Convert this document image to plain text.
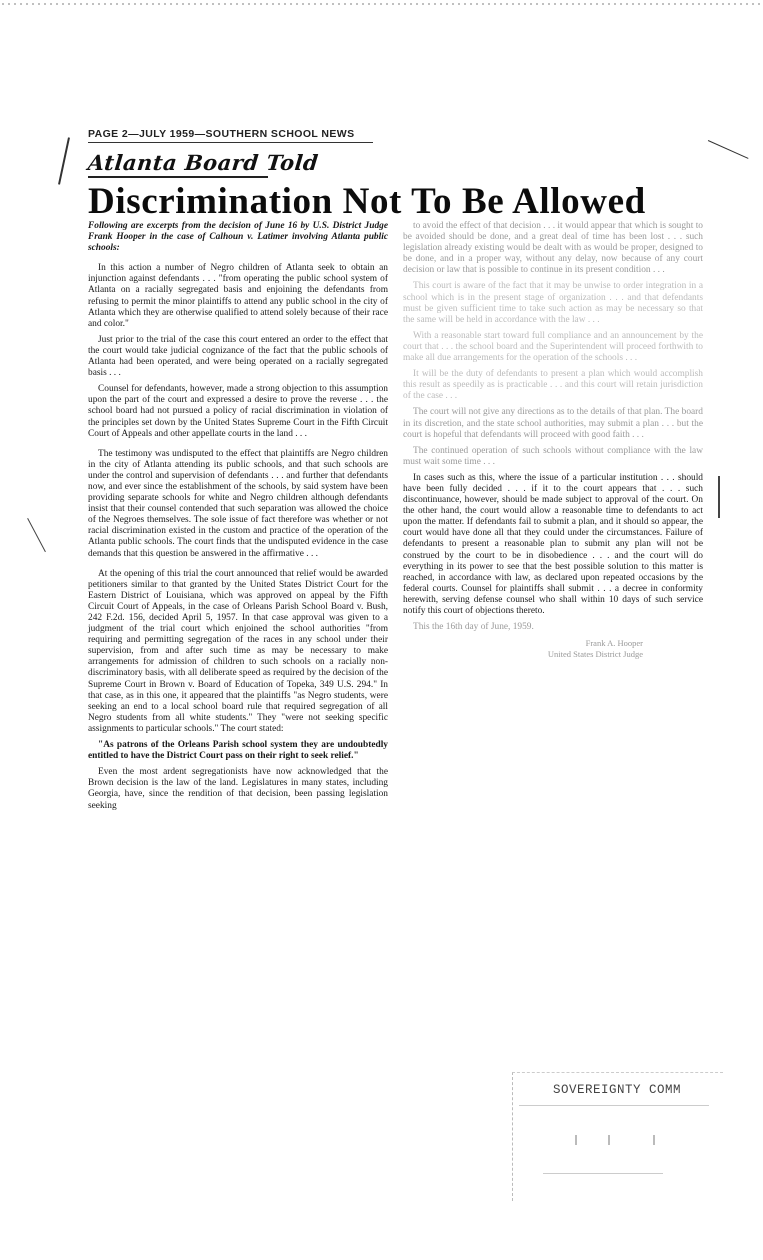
PAGE 2—JULY 1959—SOUTHERN SCHOOL NEWS
Atlanta Board Told
Discrimination Not To Be Allowed

Following are excerpts from the decision of June 16 by U.S. District Judge Frank Hooper in the case of Calhoun v. Latimer involving Atlanta public schools:

In this action a number of Negro children of Atlanta seek to obtain an injunction against defendants . . . "from operating the public school system of Atlanta on a racially segregated basis and enjoining the defendants from refusing to permit the minor plaintiffs to attend any public school in the city of Atlanta which they are otherwise qualified to attend solely because of their race and color."

Just prior to the trial of the case this court entered an order to the effect that the court would take judicial cognizance of the fact that the public schools of Atlanta had been operated, and were being operated on a racially segregated basis . . .

Counsel for defendants, however, made a strong objection to this assumption upon the part of the court and expressed a desire to prove the reverse . . . the school board had not pursued a policy of racial discrimination in violation of the principles set down by the United States Supreme Court in the Fifth Circuit Court of Appeals and other appellate courts in the land . . .

The testimony was undisputed to the effect that plaintiffs are Negro children in the city of Atlanta attending its public schools, and that such schools are under the control and supervision of defendants . . . and further that defendants now, and ever since the establishment of the schools, by said system have been providing separate schools for white and Negro children although defendants insist that their counsel contended that such separation was allowed the choice of the Negroes themselves. The sole issue of fact therefore was whether or not racial discrimination existed in the custom and practice of the operation of the Atlanta public schools. The court finds that the undisputed evidence in the case demands that this question be answered in the affirmative . . .

At the opening of this trial the court announced that relief would be awarded petitioners similar to that granted by the United States District Court for the Eastern District of Louisiana, which was approved on appeal by the Fifth Circuit Court of Appeals, in the case of Orleans Parish School Board v. Bush, 242 F.2d. 156, decided April 5, 1957. In that case approval was given to a judgment of the trial court which enjoined the school authorities "from requiring and permitting segregation of the races in any school under their supervision, from and after such time as may be necessary to make arrangements for admission of children to such schools on a racially non-discriminatory basis, with all deliberate speed as required by the decision of the Supreme Court in Brown v. Board of Education of Topeka, 349 U.S. 294." In that case, as in this one, it appeared that the plaintiffs "as Negro students, were seeking an end to a local school board rule that required segregation of all Negro students from all white students." They "were not seeking specific assignments to particular schools." The court stated:

"As patrons of the Orleans Parish school system they are undoubtedly entitled to have the District Court pass on their right to seek relief."

Even the most ardent segregationists have now acknowledged that the Brown decision is the law of the land. Legislatures in many states, including Georgia, have, since the rendition of that decision, been passing legislation seeking

to avoid the effect of that decision . . . it would appear that which is sought to be avoided should be done, and a great deal of time has been lost . . . such legislation already existing would be dealt with as would be proper, designed to be done, and in a proper way, without any delay, now because of any court decision or law that is possible to continue in its present condition . . .

This court is aware of the fact that it may be unwise to order integration in a school which is in the present stage of organization . . . and that defendants must be given sufficient time to take such action as may be necessary so that the same will be held in accordance with the law . . .

With a reasonable start toward full compliance and an announcement by the court that . . . the school board and the Superintendent will proceed forthwith to make all due arrangements for the operation of the schools . . .

It will be the duty of defendants to present a plan which would accomplish this result as speedily as is practicable . . . and this court will retain jurisdiction of the case . . .

The court will not give any directions as to the details of that plan. The board in its discretion, and the state school authorities, may submit a plan . . . but the court is hopeful that defendants will proceed with good faith . . .

The continued operation of such schools without compliance with the law must wait some time . . .

In cases such as this, where the issue of a particular institution . . . should have been fully decided . . . if it to the court appears that . . . such discontinuance, however, should be made subject to approval of the court. On the other hand, the court would allow a reasonable time to defendants to act upon the matter. If defendants fail to submit a plan, and it should so appear, the court would have done all that they could under the circumstances. Failure of defendants to present a reasonable plan to submit any plan will not be construed by the court to be in disobedience . . . and the court will do everything in its power to see that the best possible solution to this matter is reached, in accordance with law, as declared upon repeated occasions by the federal courts. Counsel for plaintiffs shall submit . . . a decree in conformity herewith, serving defense counsel who shall within 10 days of such service notify this court of objections thereto.

This the 16th day of June, 1959.

Frank A. Hooper
United States District Judge
SOVEREIGNTY COMM
